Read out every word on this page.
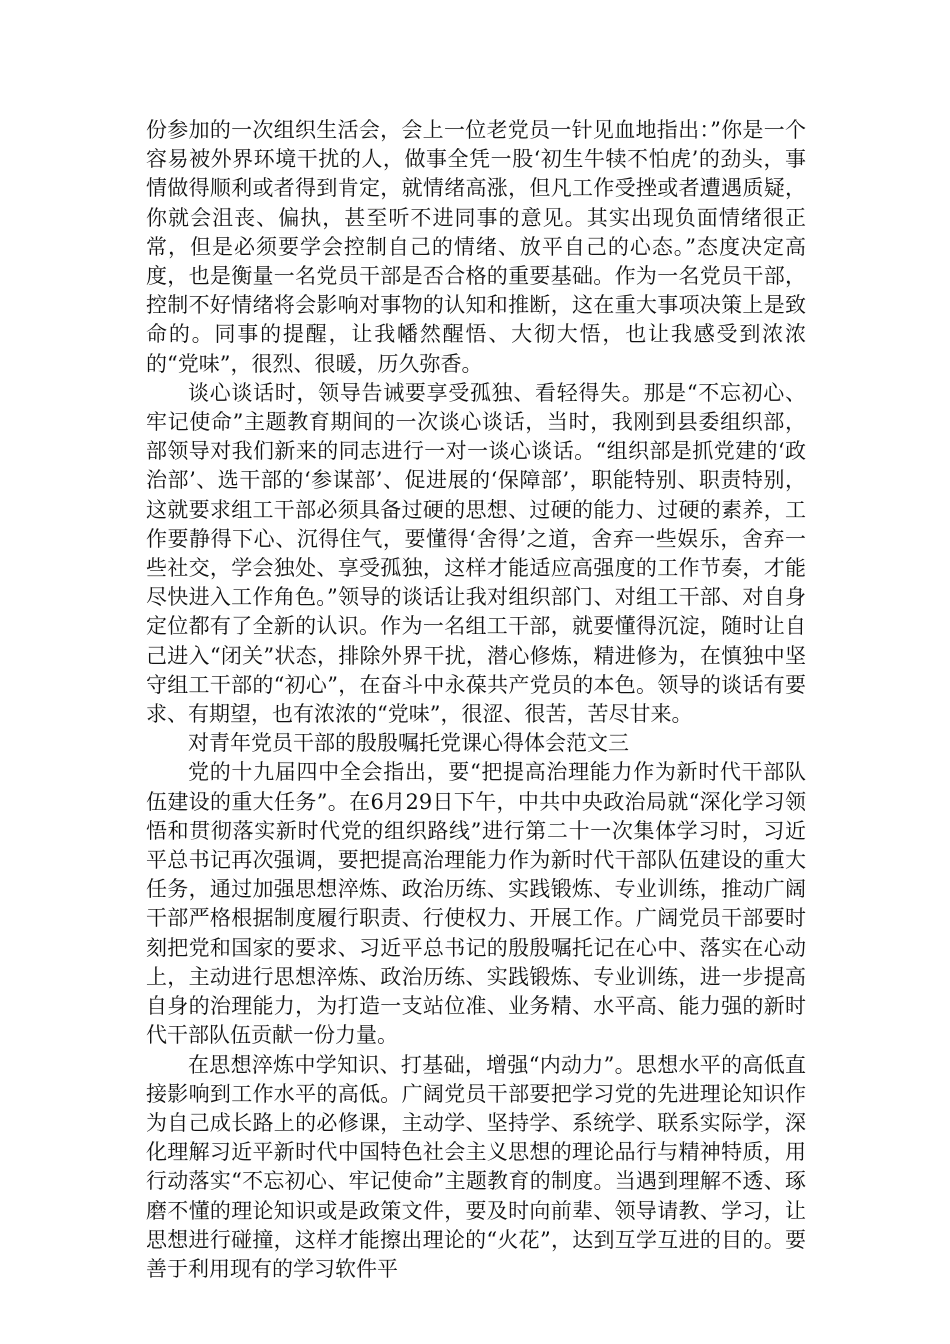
份参加的一次组织生活会，会上一位老党员一针见血地指出：”你是一个容易被外界环境干扰的人，做事全凭一股‘初生牛犊不怕虎’的劲头，事情做得顺利或者得到肯定，就情绪高涨，但凡工作受挫或者遭遇质疑，你就会沮丧、偏执，甚至听不进同事的意见。其实出现负面情绪很正常，但是必须要学会控制自己的情绪、放平自己的心态。”态度决定高度，也是衡量一名党员干部是否合格的重要基础。作为一名党员干部，控制不好情绪将会影响对事物的认知和推断，这在重大事项决策上是致命的。同事的提醒，让我幡然醒悟、大彻大悟，也让我感受到浓浓的“党味”，很烈、很暖，历久弥香。

谈心谈话时，领导告诫要享受孤独、看轻得失。那是“不忘初心、牢记使命”主题教育期间的一次谈心谈话，当时，我刚到县委组织部，部领导对我们新来的同志进行一对一谈心谈话。“组织部是抓党建的‘政治部’、选干部的‘参谋部’、促进展的‘保障部’，职能特别、职责特别，这就要求组工干部必须具备过硬的思想、过硬的能力、过硬的素养，工作要静得下心、沉得住气，要懂得‘舍得’之道，舍弃一些娱乐，舍弃一些社交，学会独处、享受孤独，这样才能适应高强度的工作节奏，才能尽快进入工作角色。”领导的谈话让我对组织部门、对组工干部、对自身定位都有了全新的认识。作为一名组工干部，就要懂得沉淀，随时让自己进入“闭关”状态，排除外界干扰，潜心修炼，精进修为，在慎独中坚守组工干部的“初心”，在奋斗中永葆共产党员的本色。领导的谈话有要求、有期望，也有浓浓的“党味”，很涩、很苦，苦尽甘来。

对青年党员干部的殷殷嘱托党课心得体会范文三

党的十九届四中全会指出，要“把提高治理能力作为新时代干部队伍建设的重大任务”。在6月29日下午，中共中央政治局就“深化学习领悟和贯彻落实新时代党的组织路线”进行第二十一次集体学习时，习近平总书记再次强调，要把提高治理能力作为新时代干部队伍建设的重大任务，通过加强思想淬炼、政治历练、实践锻炼、专业训练，推动广阔干部严格根据制度履行职责、行使权力、开展工作。广阔党员干部要时刻把党和国家的要求、习近平总书记的殷殷嘱托记在心中、落实在心动上，主动进行思想淬炼、政治历练、实践锻炼、专业训练，进一步提高自身的治理能力，为打造一支站位准、业务精、水平高、能力强的新时代干部队伍贡献一份力量。

在思想淬炼中学知识、打基础，增强“内动力”。思想水平的高低直接影响到工作水平的高低。广阔党员干部要把学习党的先进理论知识作为自己成长路上的必修课，主动学、坚持学、系统学、联系实际学，深化理解习近平新时代中国特色社会主义思想的理论品行与精神特质，用行动落实“不忘初心、牢记使命”主题教育的制度。当遇到理解不透、琢磨不懂的理论知识或是政策文件，要及时向前辈、领导请教、学习，让思想进行碰撞，这样才能擦出理论的“火花”，达到互学互进的目的。要善于利用现有的学习软件平
